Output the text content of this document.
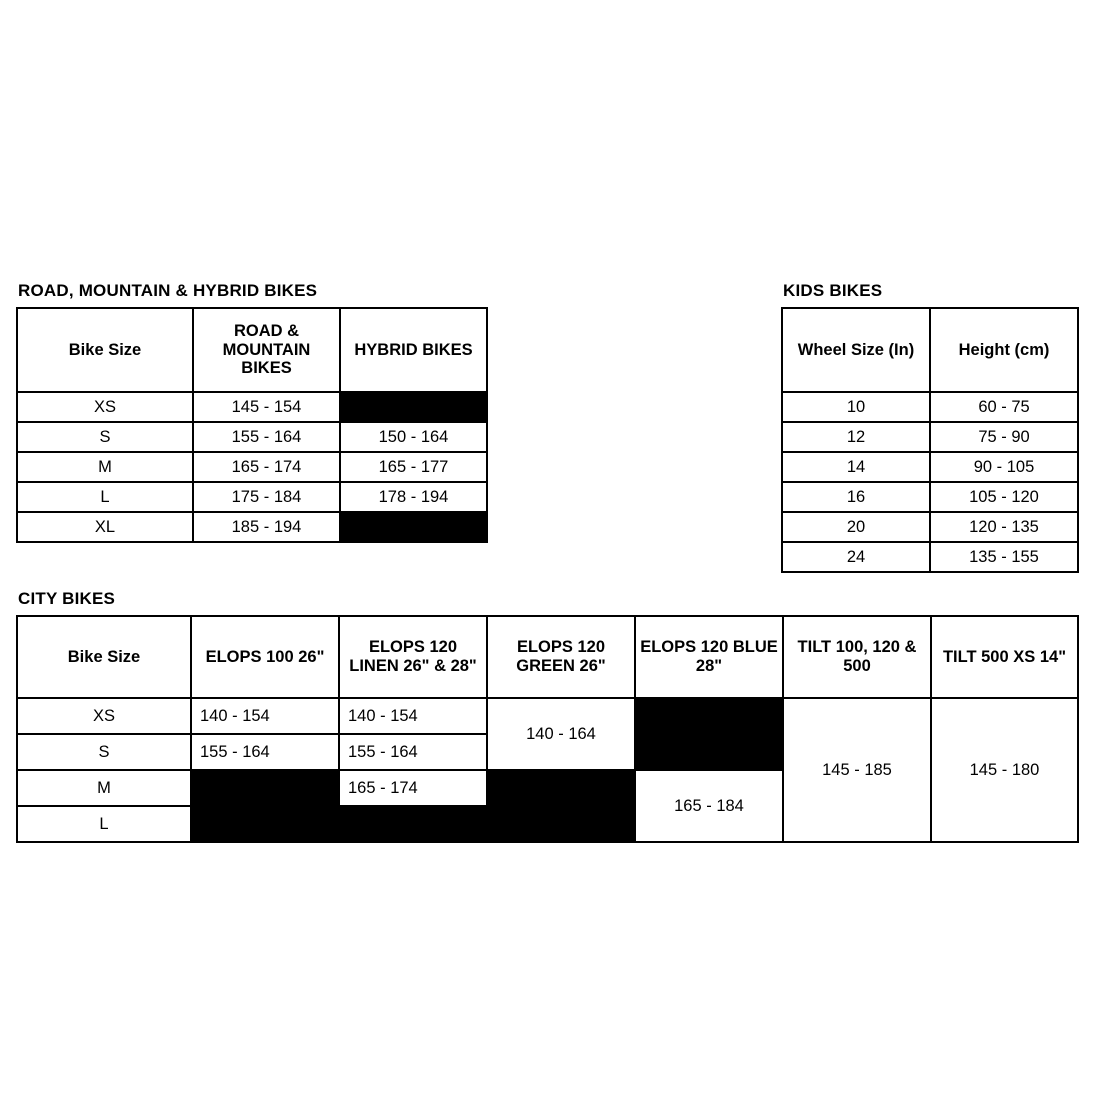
ROAD, MOUNTAIN & HYBRID BIKES
Bike Size	ROAD & MOUNTAIN BIKES	HYBRID BIKES
XS	145 - 154	
S	155 - 164	150 - 164
M	165 - 174	165 - 177
L	175 - 184	178 - 194
XL	185 - 194	
KIDS BIKES
Wheel Size (In)	Height (cm)
10	60 - 75
12	75 - 90
14	90 - 105
16	105 - 120
20	120 - 135
24	135 - 155
CITY BIKES
Bike Size	ELOPS 100 26"	ELOPS 120 LINEN 26" & 28"	ELOPS 120 GREEN 26"	ELOPS 120 BLUE 28"	TILT 100, 120 & 500	TILT 500 XS 14"
XS	140 - 154	140 - 154	140 - 164		145 - 185	145 - 180
S	155 - 164	155 - 164				
M		165 - 174		165 - 184		
L						
